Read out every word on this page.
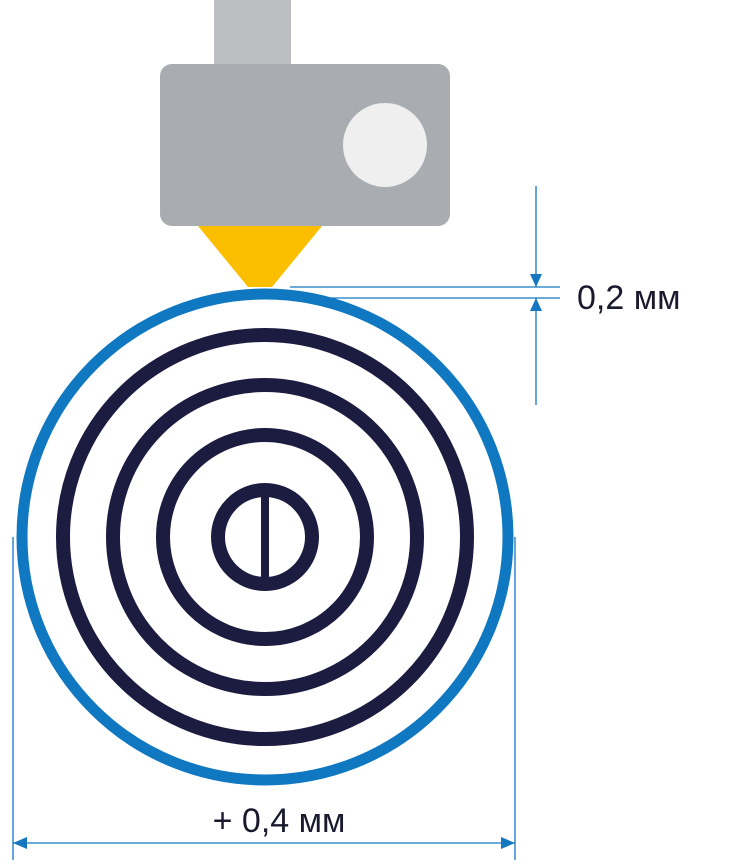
0,2 мм
+ 0,4 мм
